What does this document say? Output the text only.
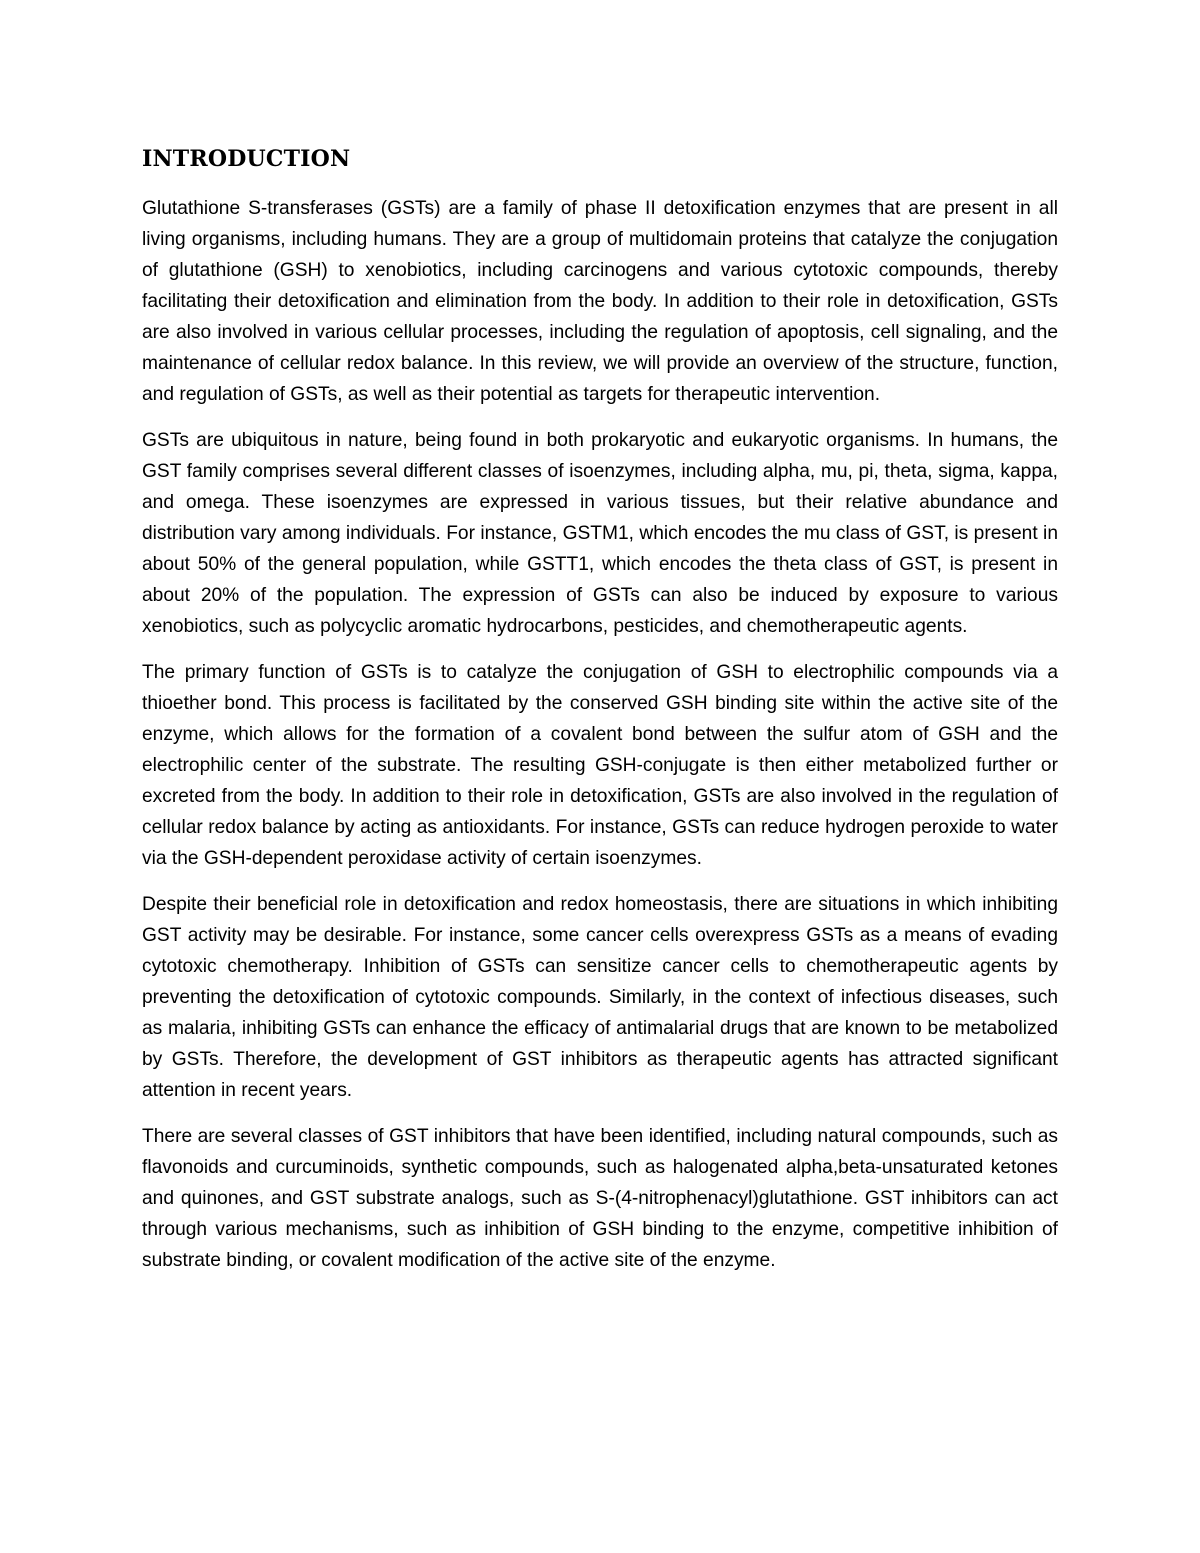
INTRODUCTION

Glutathione S-transferases (GSTs) are a family of phase II detoxification enzymes that are present in all living organisms, including humans. They are a group of multidomain proteins that catalyze the conjugation of glutathione (GSH) to xenobiotics, including carcinogens and various cytotoxic compounds, thereby facilitating their detoxification and elimination from the body. In addition to their role in detoxification, GSTs are also involved in various cellular processes, including the regulation of apoptosis, cell signaling, and the maintenance of cellular redox balance. In this review, we will provide an overview of the structure, function, and regulation of GSTs, as well as their potential as targets for therapeutic intervention.

GSTs are ubiquitous in nature, being found in both prokaryotic and eukaryotic organisms. In humans, the GST family comprises several different classes of isoenzymes, including alpha, mu, pi, theta, sigma, kappa, and omega. These isoenzymes are expressed in various tissues, but their relative abundance and distribution vary among individuals. For instance, GSTM1, which encodes the mu class of GST, is present in about 50% of the general population, while GSTT1, which encodes the theta class of GST, is present in about 20% of the population. The expression of GSTs can also be induced by exposure to various xenobiotics, such as polycyclic aromatic hydrocarbons, pesticides, and chemotherapeutic agents.

The primary function of GSTs is to catalyze the conjugation of GSH to electrophilic compounds via a thioether bond. This process is facilitated by the conserved GSH binding site within the active site of the enzyme, which allows for the formation of a covalent bond between the sulfur atom of GSH and the electrophilic center of the substrate. The resulting GSH-conjugate is then either metabolized further or excreted from the body. In addition to their role in detoxification, GSTs are also involved in the regulation of cellular redox balance by acting as antioxidants. For instance, GSTs can reduce hydrogen peroxide to water via the GSH-dependent peroxidase activity of certain isoenzymes.

Despite their beneficial role in detoxification and redox homeostasis, there are situations in which inhibiting GST activity may be desirable. For instance, some cancer cells overexpress GSTs as a means of evading cytotoxic chemotherapy. Inhibition of GSTs can sensitize cancer cells to chemotherapeutic agents by preventing the detoxification of cytotoxic compounds. Similarly, in the context of infectious diseases, such as malaria, inhibiting GSTs can enhance the efficacy of antimalarial drugs that are known to be metabolized by GSTs. Therefore, the development of GST inhibitors as therapeutic agents has attracted significant attention in recent years.

There are several classes of GST inhibitors that have been identified, including natural compounds, such as flavonoids and curcuminoids, synthetic compounds, such as halogenated alpha,beta-unsaturated ketones and quinones, and GST substrate analogs, such as S-(4-nitrophenacyl)glutathione. GST inhibitors can act through various mechanisms, such as inhibition of GSH binding to the enzyme, competitive inhibition of substrate binding, or covalent modification of the active site of the enzyme.
